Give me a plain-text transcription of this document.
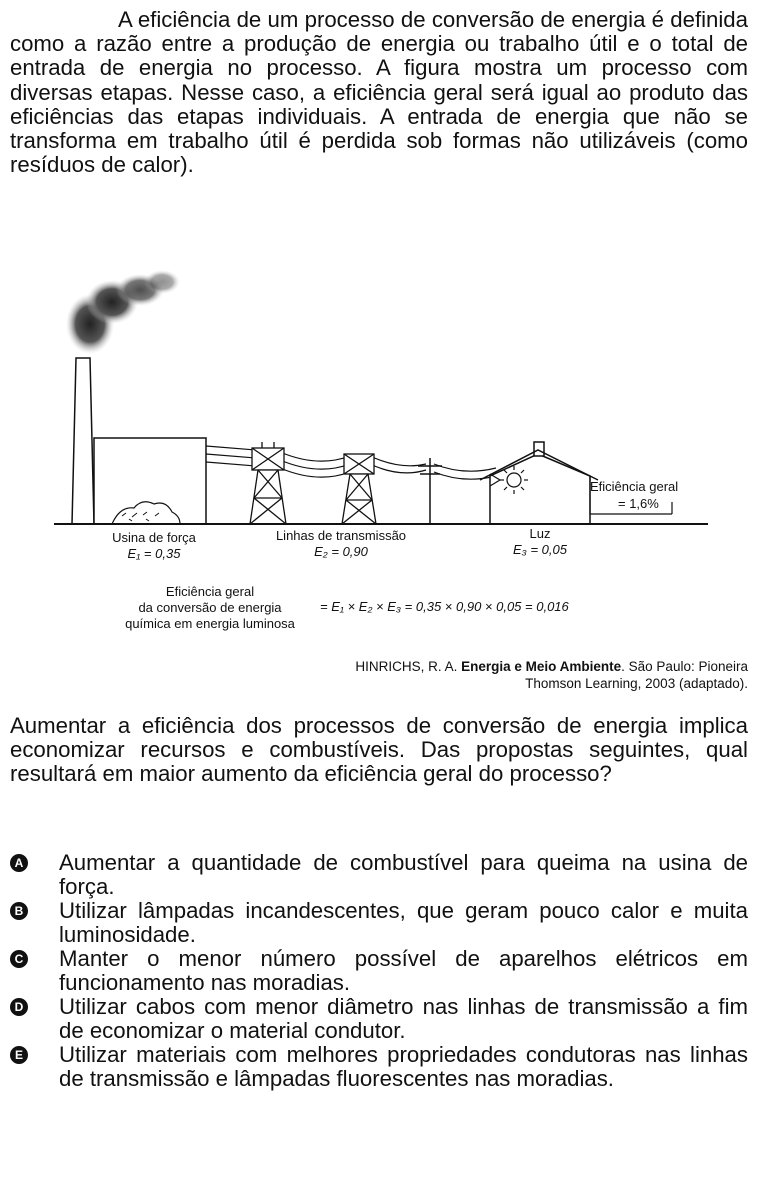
A eficiência de um processo de conversão de energia é definida como a razão entre a produção de energia ou trabalho útil e o total de entrada de energia no processo. A figura mostra um processo com diversas etapas. Nesse caso, a eficiência geral será igual ao produto das eficiências das etapas individuais. A entrada de energia que não se transforma em trabalho útil é perdida sob formas não utilizáveis (como resíduos de calor).

Eficiência geral
= 1,6%
Usina de força
E₁ = 0,35
Linhas de transmissão
E₂ = 0,90
Luz
E₃ = 0,05
Eficiência geral
da conversão de energia
química em energia luminosa
= E₁ × E₂ × E₃ = 0,35 × 0,90 × 0,05 = 0,016
HINRICHS, R. A. Energia e Meio Ambiente. São Paulo: Pioneira
Thomson Learning, 2003 (adaptado).

Aumentar a eficiência dos processos de conversão de energia implica economizar recursos e combustíveis. Das propostas seguintes, qual resultará em maior aumento da eficiência geral do processo?

A Aumentar a quantidade de combustível para queima na usina de força.
B Utilizar lâmpadas incandescentes, que geram pouco calor e muita luminosidade.
C Manter o menor número possível de aparelhos elétricos em funcionamento nas moradias.
D Utilizar cabos com menor diâmetro nas linhas de transmissão a fim de economizar o material condutor.
E Utilizar materiais com melhores propriedades condutoras nas linhas de transmissão e lâmpadas fluorescentes nas moradias.
